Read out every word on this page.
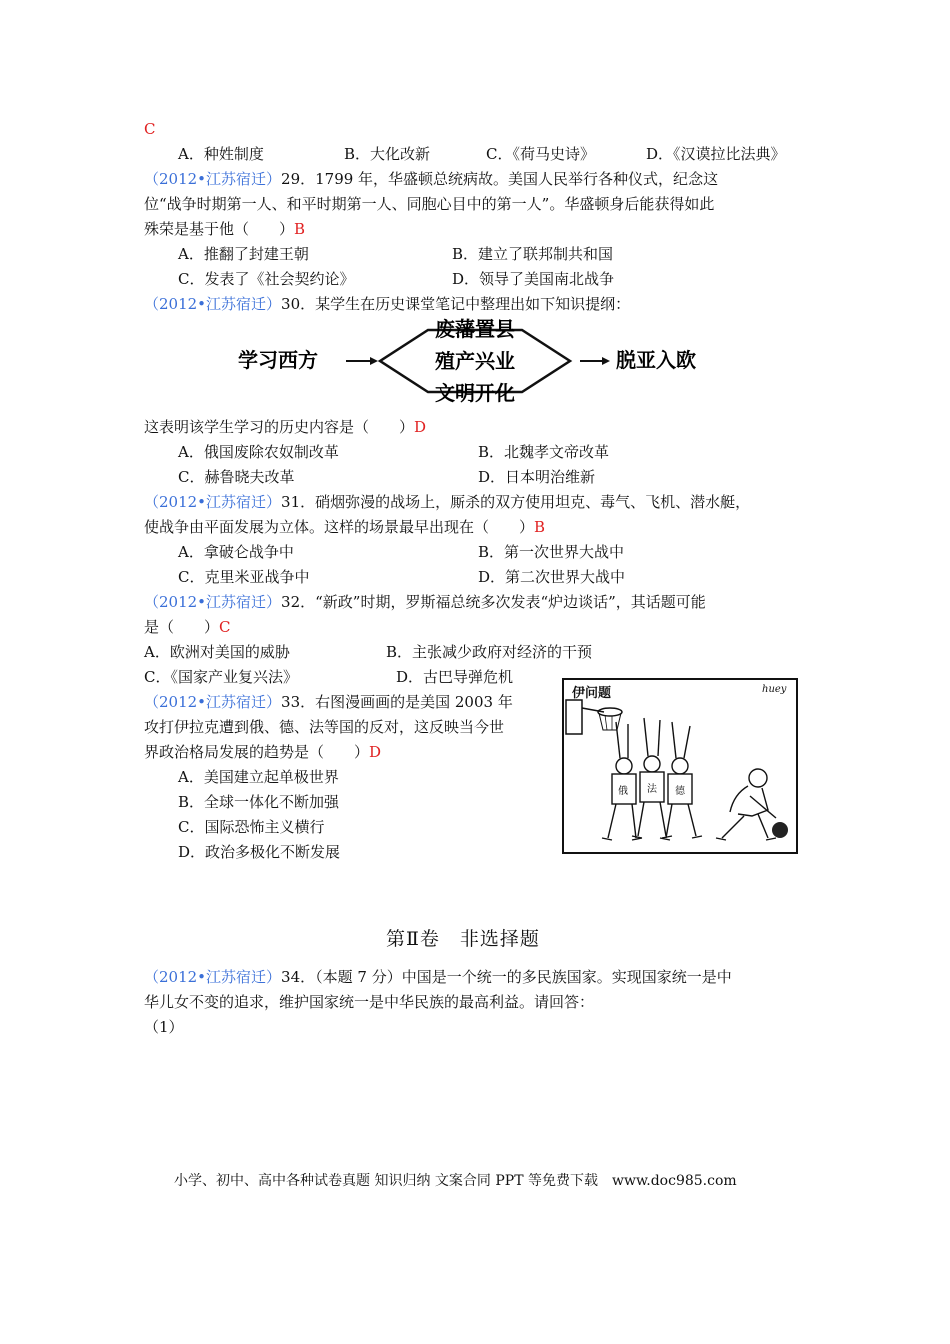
C
A．种姓制度	B．大化改新	C．《荷马史诗》	D．《汉谟拉比法典》
（2012•江苏宿迁）29．1799 年，华盛顿总统病故。美国人民举行各种仪式，纪念这
位“战争时期第一人、和平时期第一人、同胞心目中的第一人”。华盛顿身后能获得如此
殊荣是基于他（　　）B
A．推翻了封建王朝	B．建立了联邦制共和国
C．发表了《社会契约论》	D．领导了美国南北战争
（2012•江苏宿迁）30．某学生在历史课堂笔记中整理出如下知识提纲：
学习西方
废藩置县
殖产兴业
文明开化
脱亚入欧
这表明该学生学习的历史内容是（　　）D
A．俄国废除农奴制改革	B．北魏孝文帝改革
C．赫鲁晓夫改革	D．日本明治维新
（2012•江苏宿迁）31．硝烟弥漫的战场上，厮杀的双方使用坦克、毒气、飞机、潜水艇，
使战争由平面发展为立体。这样的场景最早出现在（　　）B
A．拿破仑战争中	B．第一次世界大战中
C．克里米亚战争中	D．第二次世界大战中
（2012•江苏宿迁）32．“新政”时期，罗斯福总统多次发表“炉边谈话”，其话题可能
是（　　）C
A．欧洲对美国的威胁	B．主张减少政府对经济的干预
C．《国家产业复兴法》	D．古巴导弹危机
（2012•江苏宿迁）33．右图漫画画的是美国 2003 年
攻打伊拉克遭到俄、德、法等国的反对，这反映当今世
界政治格局发展的趋势是（　　）D
A．美国建立起单极世界
B．全球一体化不断加强
C．国际恐怖主义横行
D．政治多极化不断发展
伊问题	huey
俄 法 德
第Ⅱ卷　非选择题
（2012•江苏宿迁）34．（本题 7 分）中国是一个统一的多民族国家。实现国家统一是中
华儿女不变的追求，维护国家统一是中华民族的最高利益。请回答：
（1）
小学、初中、高中各种试卷真题 知识归纳 文案合同 PPT 等免费下载　www.doc985.com
